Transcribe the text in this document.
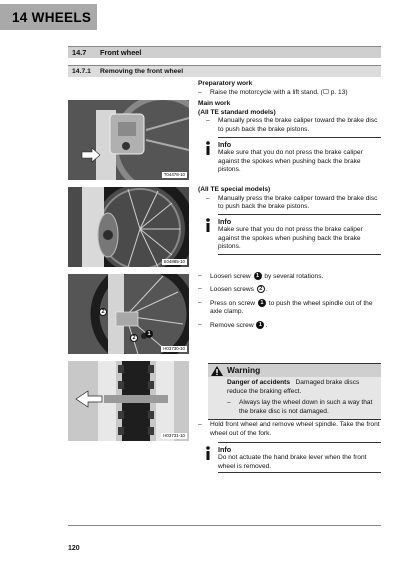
14 WHEELS
14.7 Front wheel
14.7.1 Removing the front wheel
T04478-10
S04885-10
2
2
1
H03730-10
H03731-10
Preparatory work
– Raise the motorcycle with a lift stand. ( p. 13)
Main work
(All TE standard models)
– Manually press the brake caliper toward the brake disc to push back the brake pistons.
Info
Make sure that you do not press the brake caliper against the spokes when pushing back the brake pistons.
(All TE special models)
– Manually press the brake caliper toward the brake disc to push back the brake pistons.
Info
Make sure that you do not press the brake caliper against the spokes when pushing back the brake pistons.
– Loosen screw 1 by several rotations.
– Loosen screws 2 .
– Press on screw 1 to push the wheel spindle out of the axle clamp.
– Remove screw 1 .
Warning
Danger of accidents Damaged brake discs reduce the braking effect.
– Always lay the wheel down in such a way that the brake disc is not damaged.
– Hold front wheel and remove wheel spindle. Take the front wheel out of the fork.
Info
Do not actuate the hand brake lever when the front wheel is removed.
120
